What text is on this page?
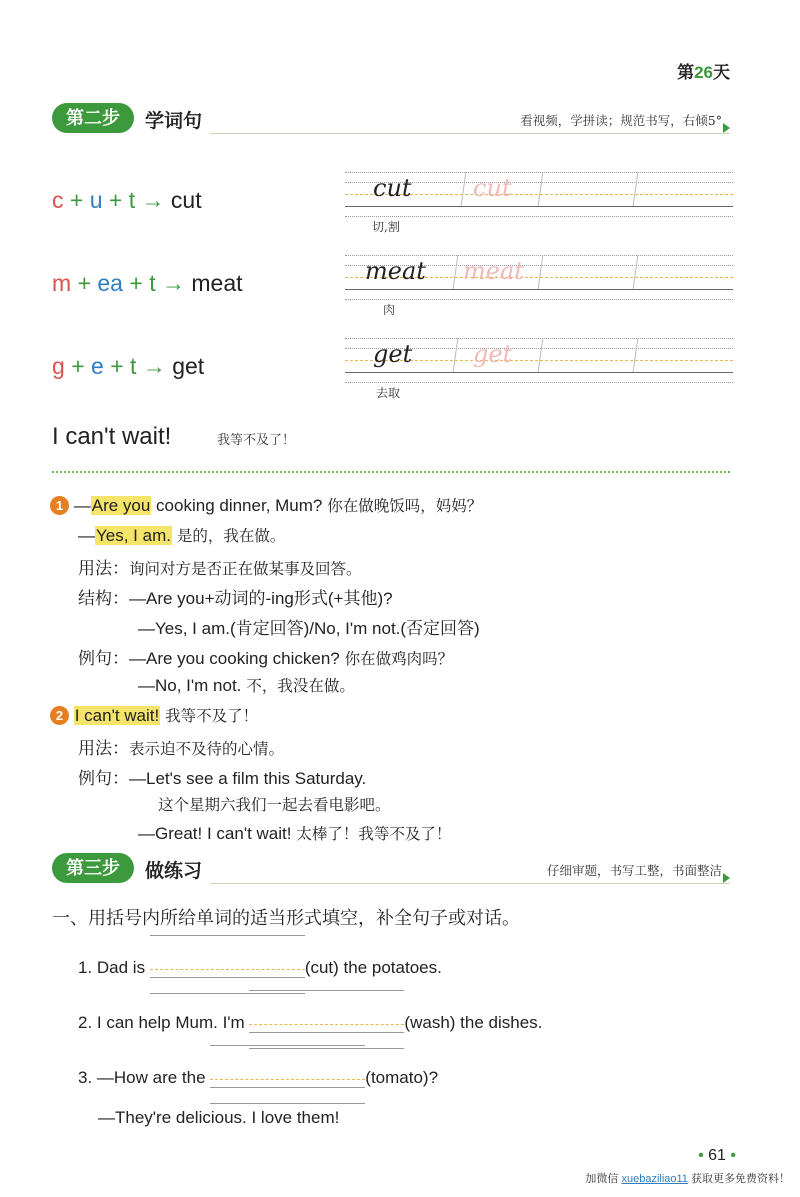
第26天
第二步	学词句	看视频，学拼读；规范书写，右倾5°
c + u + t → cut
m + ea + t → meat
g + e + t → get
cut	cut
切,割
meat meat
肉
get	get
去取
I can't wait!	我等不及了！
1 —Are you cooking dinner, Mum? 你在做晚饭吗，妈妈？
—Yes, I am. 是的，我在做。
用法：询问对方是否正在做某事及回答。
结构：—Are you+动词的-ing形式(+其他)?
—Yes, I am.(肯定回答)/No, I'm not.(否定回答)
例句：—Are you cooking chicken? 你在做鸡肉吗？
—No, I'm not. 不，我没在做。
2 I can't wait! 我等不及了！
用法：表示迫不及待的心情。
例句：—Let's see a film this Saturday.
这个星期六我们一起去看电影吧。
—Great! I can't wait! 太棒了！我等不及了！
第三步	做练习	仔细审题，书写工整，书面整洁
一、用括号内所给单词的适当形式填空，补全句子或对话。
1. Dad is	(cut) the potatoes.
2. I can help Mum. I'm	(wash) the dishes.
3. —How are the	(tomato)?
—They're delicious. I love them!
• 61 •
加微信 xuebaziliao11 获取更多免费资料！
